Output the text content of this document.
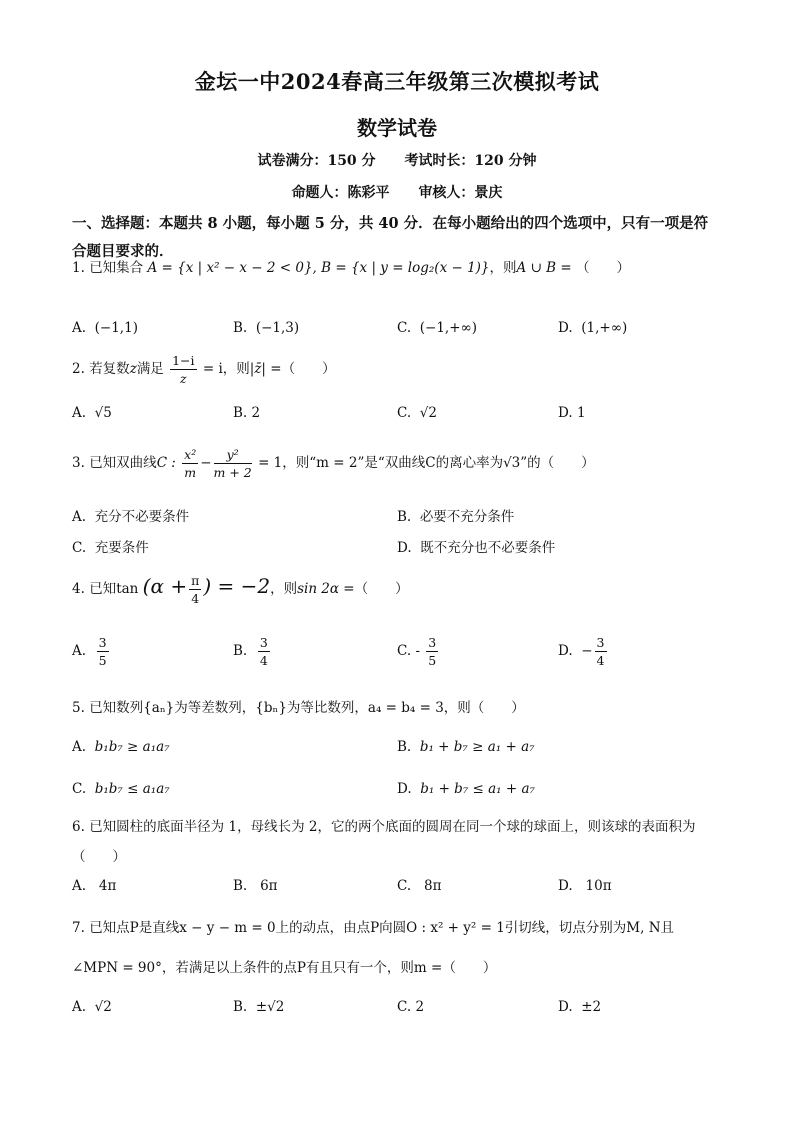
金坛一中2024春高三年级第三次模拟考试
数学试卷
试卷满分：150 分 考试时长：120 分钟
命题人：陈彩平 审核人：景庆
一、选择题：本题共 8 小题，每小题 5 分，共 40 分．在每小题给出的四个选项中，只有一项是符合题目要求的．
1. 已知集合 A = {x | x² − x − 2 < 0}, B = {x | y = log₂(x − 1)}，则A ∪ B = （　　）
A. (−1,1)	B. (−1,3)	C. (−1,+∞)	D. (1,+∞)
2. 若复数z满足 $\frac{1-i}{z} = i$，则|z̄| =（　　）
A. √5	B. 2	C. √2	D. 1
3. 已知双曲线C : $\frac{\text{x²}}{m} - \frac{\text{y²}}{m + 2} = 1$，则“m = 2”是“双曲线C的离心率为√3”的（　　）
A. 充分不必要条件	B. 必要不充分条件
C. 充要条件	D. 既不充分也不必要条件
4. 已知$\tan (\alpha + \frac{\pi}{4}$ ) = −2，则sin 2α =（　　）
A. $\frac{3}{5}$	B. $\frac{3}{4}$	C. - $\frac{3}{5}$	D. − $\frac{3}{4}$
5. 已知数列{aₙ}为等差数列，{bₙ}为等比数列，a₄ = b₄ = 3，则（　　）
A. b₁b₇ ≥ a₁a₇	B. b₁ + b₇ ≥ a₁ + a₇
C. b₁b₇ ≤ a₁a₇	D. b₁ + b₇ ≤ a₁ + a₇
6. 已知圆柱的底面半径为 1，母线长为 2，它的两个底面的圆周在同一个球的球面上，则该球的表面积为（　　）
A. 4π	B. 6π	C. 8π	D. 10π
7. 已知点P是直线x − y − m = 0上的动点，由点P向圆O : x² + y² = 1引切线，切点分别为M, N且
∠MPN = 90°，若满足以上条件的点P有且只有一个，则m =（　　）
A. √2	B. ±√2	C. 2	D. ±2
